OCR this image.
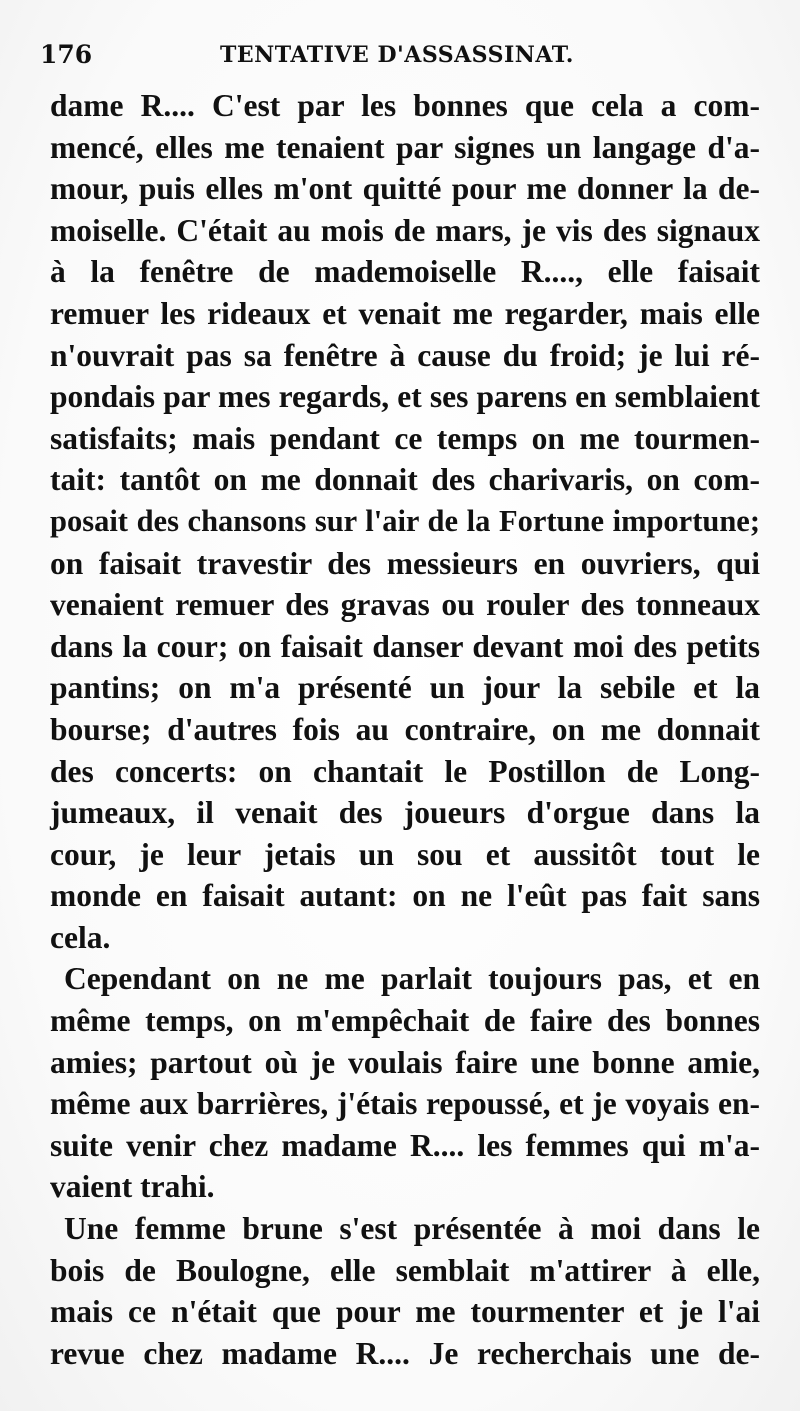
176	TENTATIVE D'ASSASSINAT.
dame R.... C'est par les bonnes que cela a com-
mencé, elles me tenaient par signes un langage d'a-
mour, puis elles m'ont quitté pour me donner la de-
moiselle. C'était au mois de mars, je vis des signaux
à la fenêtre de mademoiselle R...., elle faisait
remuer les rideaux et venait me regarder, mais elle
n'ouvrait pas sa fenêtre à cause du froid; je lui ré-
pondais par mes regards, et ses parens en semblaient
satisfaits; mais pendant ce temps on me tourmen-
tait: tantôt on me donnait des charivaris, on com-
posait des chansons sur l'air de la Fortune importune;
on faisait travestir des messieurs en ouvriers, qui
venaient remuer des gravas ou rouler des tonneaux
dans la cour; on faisait danser devant moi des petits
pantins; on m'a présenté un jour la sebile et la
bourse; d'autres fois au contraire, on me donnait
des concerts: on chantait le Postillon de Long-
jumeaux, il venait des joueurs d'orgue dans la
cour, je leur jetais un sou et aussitôt tout le
monde en faisait autant: on ne l'eût pas fait sans
cela.
Cependant on ne me parlait toujours pas, et en
même temps, on m'empêchait de faire des bonnes
amies; partout où je voulais faire une bonne amie,
même aux barrières, j'étais repoussé, et je voyais en-
suite venir chez madame R.... les femmes qui m'a-
vaient trahi.
Une femme brune s'est présentée à moi dans le
bois de Boulogne, elle semblait m'attirer à elle,
mais ce n'était que pour me tourmenter et je l'ai
revue chez madame R.... Je recherchais une de-
